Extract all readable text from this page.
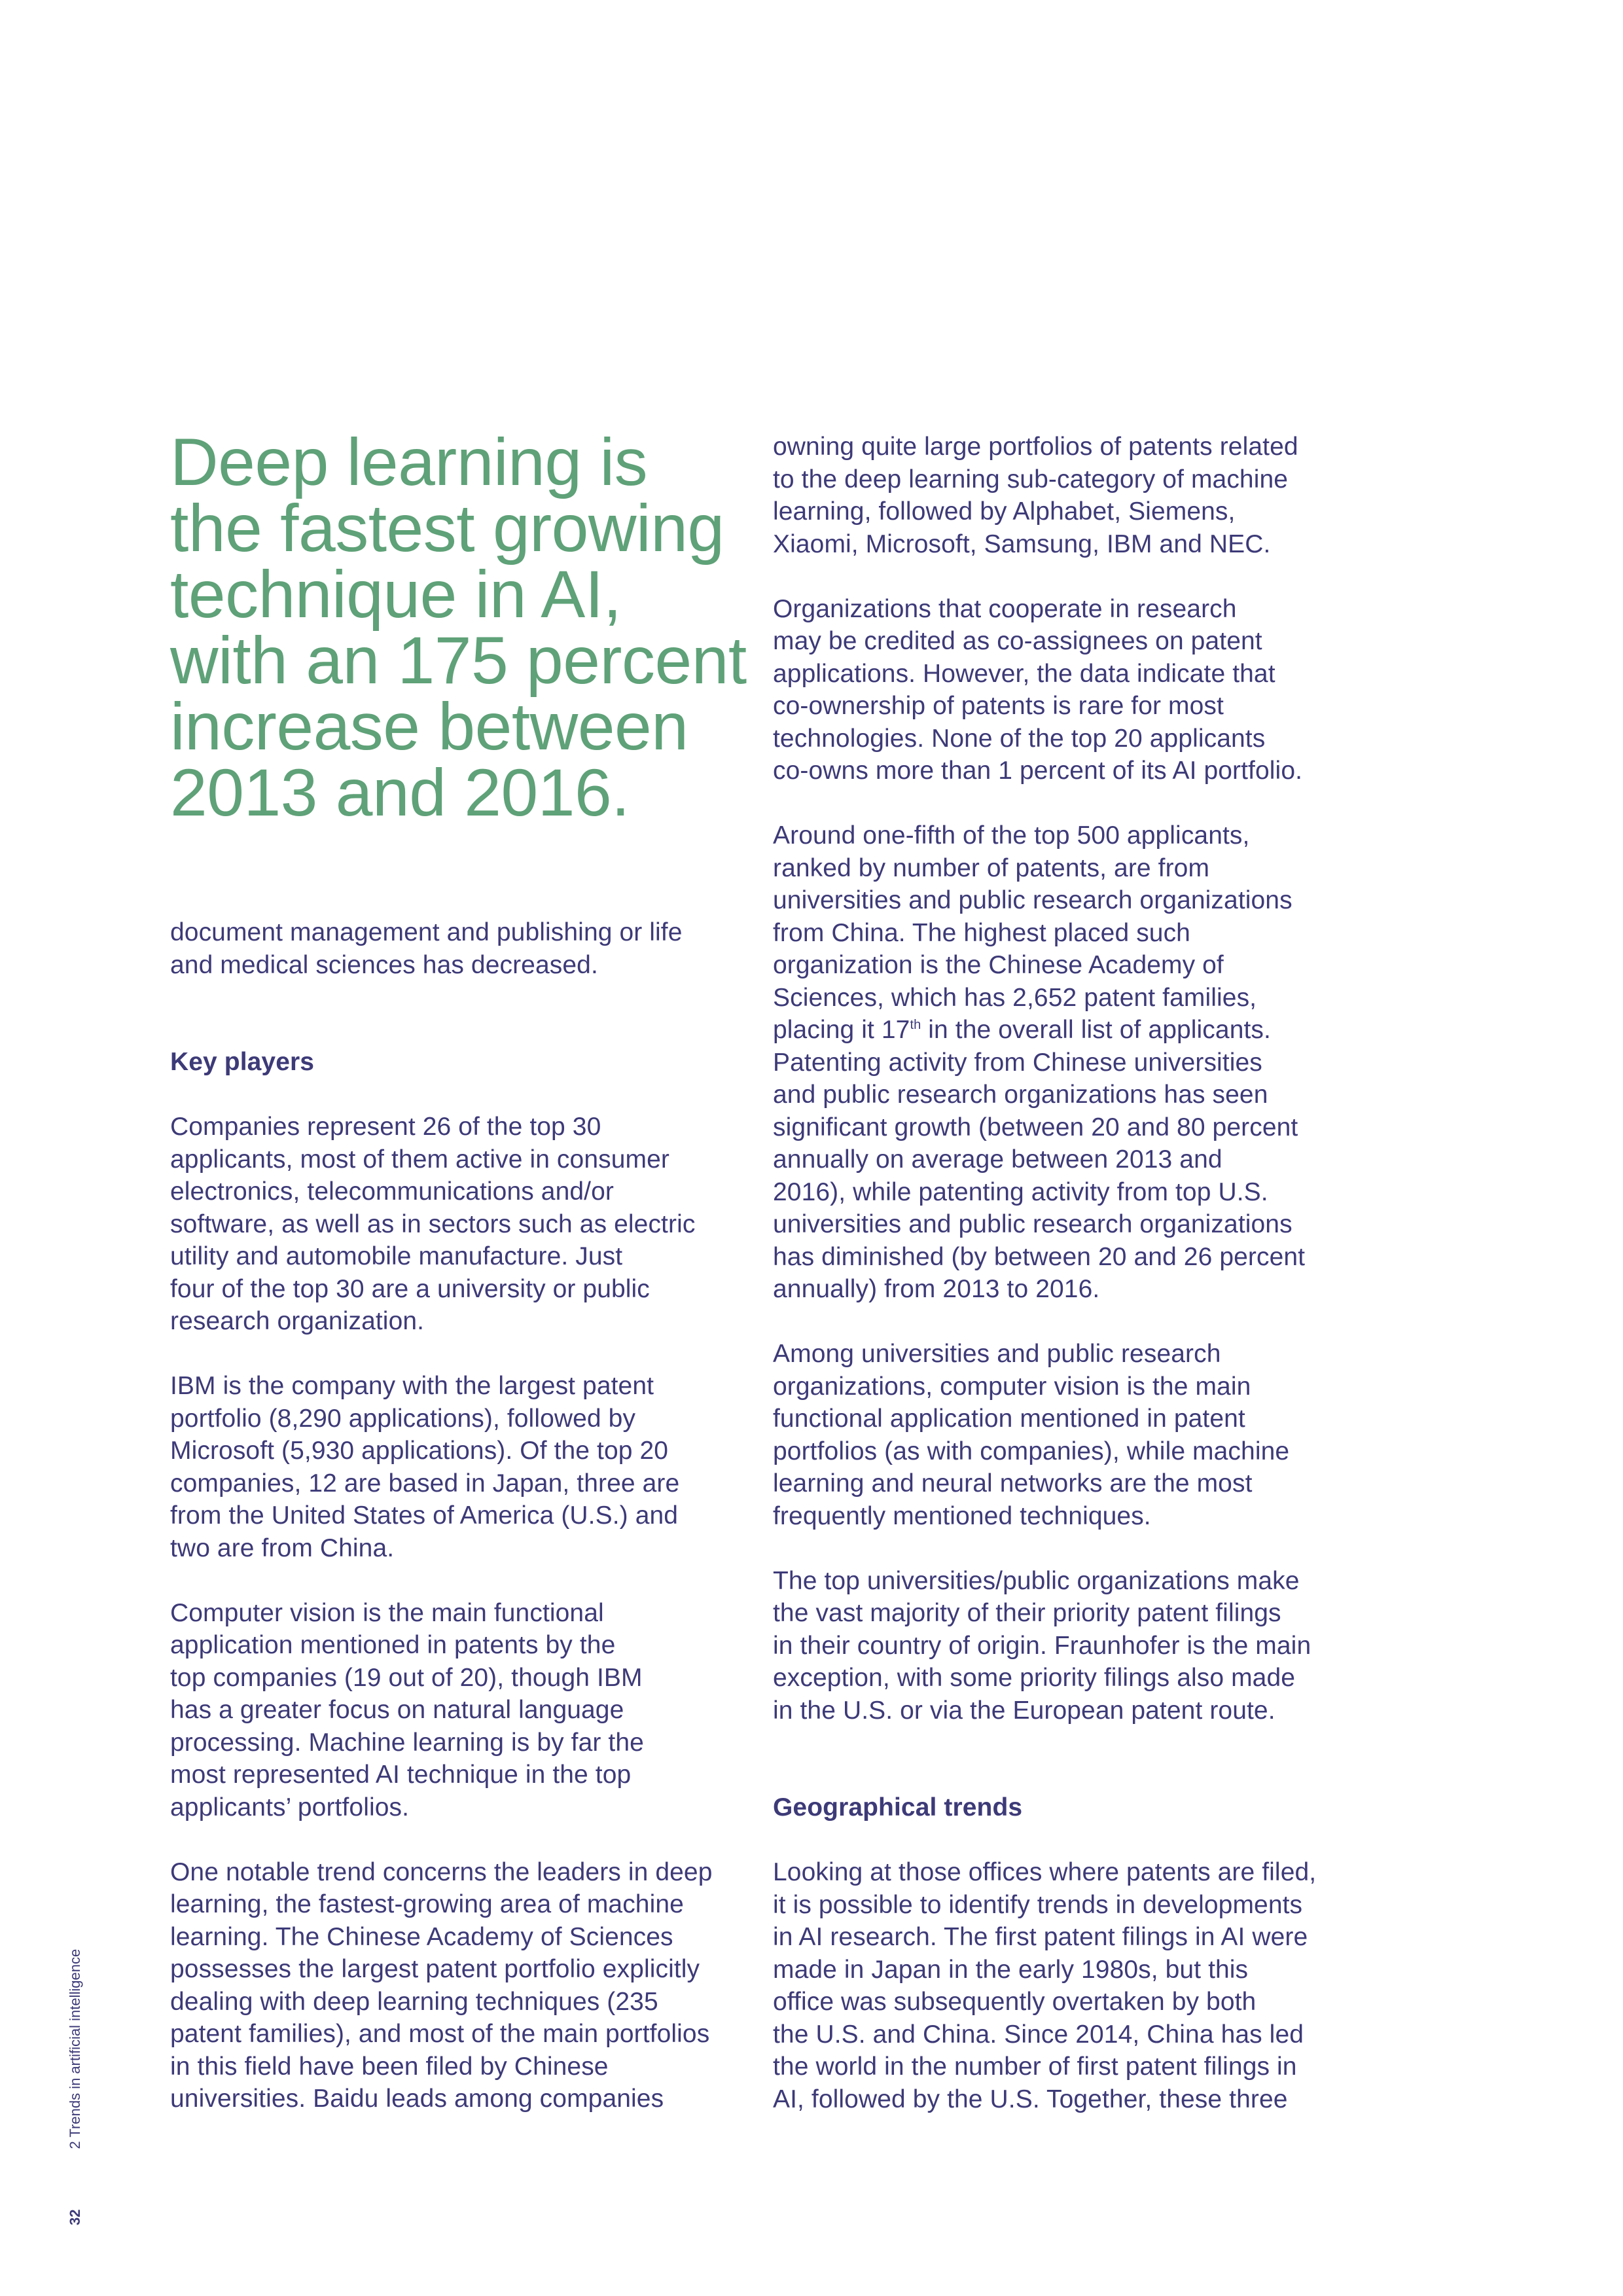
Deep learning is
the fastest growing
technique in AI,
with an 175 percent
increase between
2013 and 2016.

document management and publishing or life
and medical sciences has decreased.

Key players

Companies represent 26 of the top 30
applicants, most of them active in consumer
electronics, telecommunications and/or
software, as well as in sectors such as electric
utility and automobile manufacture. Just
four of the top 30 are a university or public
research organization.

IBM is the company with the largest patent
portfolio (8,290 applications), followed by
Microsoft (5,930 applications). Of the top 20
companies, 12 are based in Japan, three are
from the United States of America (U.S.) and
two are from China.

Computer vision is the main functional
application mentioned in patents by the
top companies (19 out of 20), though IBM
has a greater focus on natural language
processing. Machine learning is by far the
most represented AI technique in the top
applicants’ portfolios.

One notable trend concerns the leaders in deep
learning, the fastest-growing area of machine
learning. The Chinese Academy of Sciences
possesses the largest patent portfolio explicitly
dealing with deep learning techniques (235
patent families), and most of the main portfolios
in this field have been filed by Chinese
universities. Baidu leads among companies

owning quite large portfolios of patents related
to the deep learning sub-category of machine
learning, followed by Alphabet, Siemens,
Xiaomi, Microsoft, Samsung, IBM and NEC.

Organizations that cooperate in research
may be credited as co-assignees on patent
applications. However, the data indicate that
co-ownership of patents is rare for most
technologies. None of the top 20 applicants
co-owns more than 1 percent of its AI portfolio.

Around one-fifth of the top 500 applicants,
ranked by number of patents, are from
universities and public research organizations
from China. The highest placed such
organization is the Chinese Academy of
Sciences, which has 2,652 patent families,
placing it 17th in the overall list of applicants.
Patenting activity from Chinese universities
and public research organizations has seen
significant growth (between 20 and 80 percent
annually on average between 2013 and
2016), while patenting activity from top U.S.
universities and public research organizations
has diminished (by between 20 and 26 percent
annually) from 2013 to 2016.

Among universities and public research
organizations, computer vision is the main
functional application mentioned in patent
portfolios (as with companies), while machine
learning and neural networks are the most
frequently mentioned techniques.

The top universities/public organizations make
the vast majority of their priority patent filings
in their country of origin. Fraunhofer is the main
exception, with some priority filings also made
in the U.S. or via the European patent route.

Geographical trends

Looking at those offices where patents are filed,
it is possible to identify trends in developments
in AI research. The first patent filings in AI were
made in Japan in the early 1980s, but this
office was subsequently overtaken by both
the U.S. and China. Since 2014, China has led
the world in the number of first patent filings in
AI, followed by the U.S. Together, these three

322 Trends in artificial intelligence
